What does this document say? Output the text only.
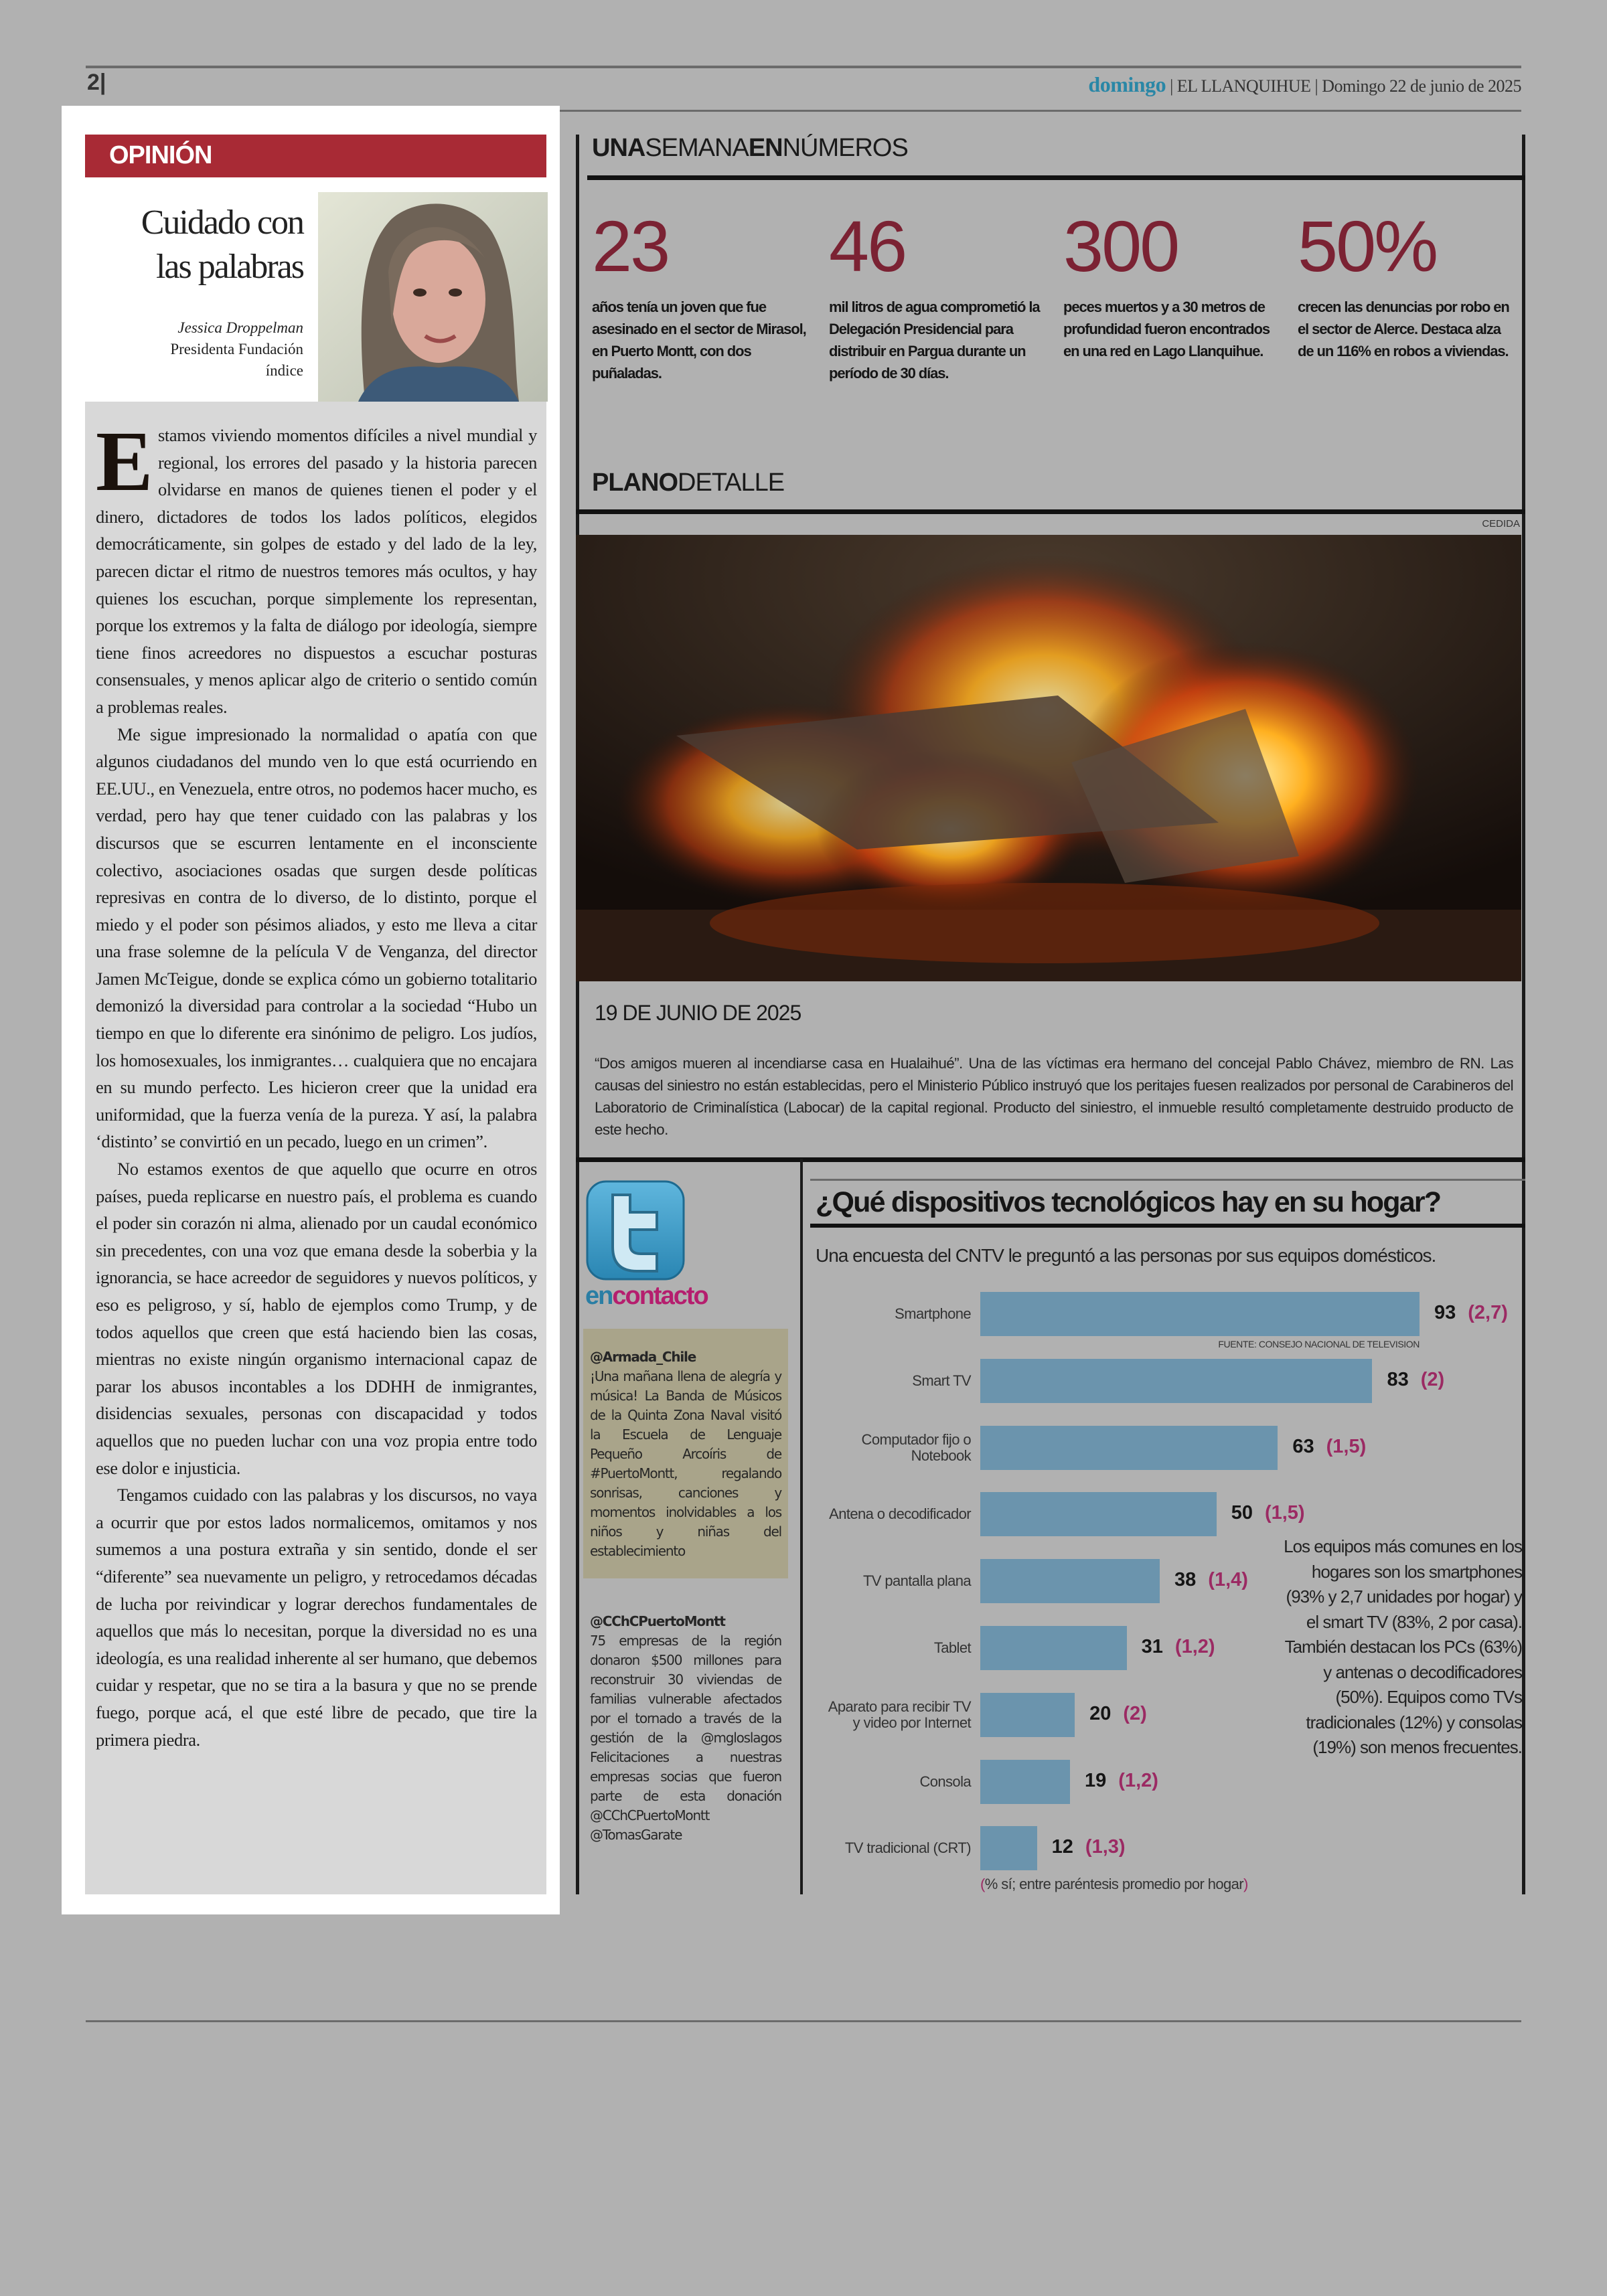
2|	domingo | EL LLANQUIHUE | Domingo 22 de junio de 2025
OPINIÓN
Cuidado con
las palabras
Jessica Droppelman
Presidenta Fundación
índice

Estamos viviendo momentos difíciles a nivel mundial y regional, los errores del pasado y la historia parecen olvidarse en manos de quienes tienen el poder y el dinero, dictadores de todos los lados políticos, elegidos democráticamente, sin golpes de estado y del lado de la ley, parecen dictar el ritmo de nuestros temores más ocultos, y hay quienes los escuchan, porque simplemente los representan, porque los extremos y la falta de diálogo por ideología, siempre tiene finos acreedores no dispuestos a escuchar posturas consensuales, y menos aplicar algo de criterio o sentido común a problemas reales.

Me sigue impresionado la normalidad o apatía con que algunos ciudadanos del mundo ven lo que está ocurriendo en EE.UU., en Venezuela, entre otros, no podemos hacer mucho, es verdad, pero hay que tener cuidado con las palabras y los discursos que se escurren lentamente en el inconsciente colectivo, asociaciones osadas que surgen desde políticas represivas en contra de lo diverso, de lo distinto, porque el miedo y el poder son pésimos aliados, y esto me lleva a citar una frase solemne de la película V de Venganza, del director Jamen McTeigue, donde se explica cómo un gobierno totalitario demonizó la diversidad para controlar a la sociedad “Hubo un tiempo en que lo diferente era sinónimo de peligro. Los judíos, los homosexuales, los inmigrantes… cualquiera que no encajara en su mundo perfecto. Les hicieron creer que la unidad era uniformidad, que la fuerza venía de la pureza. Y así, la palabra ‘distinto’ se convirtió en un pecado, luego en un crimen”.

No estamos exentos de que aquello que ocurre en otros países, pueda replicarse en nuestro país, el problema es cuando el poder sin corazón ni alma, alienado por un caudal económico sin precedentes, con una voz que emana desde la soberbia y la ignorancia, se hace acreedor de seguidores y nuevos políticos, y eso es peligroso, y sí, hablo de ejemplos como Trump, y de todos aquellos que creen que está haciendo bien las cosas, mientras no existe ningún organismo internacional capaz de parar los abusos incontables a los DDHH de inmigrantes, disidencias sexuales, personas con discapacidad y todos aquellos que no pueden luchar con una voz propia entre todo ese dolor e injusticia.

Tengamos cuidado con las palabras y los discursos, no vaya a ocurrir que por estos lados normalicemos, omitamos y nos sumemos a una postura extraña y sin sentido, donde el ser “diferente” sea nuevamente un peligro, y retrocedamos décadas de lucha por reivindicar y lograr derechos fundamentales de aquellos que más lo necesitan, porque la diversidad no es una ideología, es una realidad inherente al ser humano, que debemos cuidar y respetar, que no se tira a la basura y que no se prende fuego, porque acá, el que esté libre de pecado, que tire la primera piedra.

UNASEMANAENNÚMEROS
23
años tenía un joven que fue asesinado en el sector de Mirasol, en Puerto Montt, con dos puñaladas.
46
mil litros de agua comprometió la Delegación Presidencial para distribuir en Pargua durante un período de 30 días.
300
peces muertos y a 30 metros de profundidad fueron encontrados en una red en Lago Llanquihue.
50%
crecen las denuncias por robo en el sector de Alerce. Destaca alza de un 116% en robos a viviendas.
PLANODETALLE
CEDIDA
19 DE JUNIO DE 2025
“Dos amigos mueren al incendiarse casa en Hualaihué”. Una de las víctimas era hermano del concejal Pablo Chávez, miembro de RN. Las causas del siniestro no están establecidas, pero el Ministerio Público instruyó que los peritajes fuesen realizados por personal de Carabineros del Laboratorio de Criminalística (Labocar) de la capital regional. Producto del siniestro, el inmueble resultó completamente destruido producto de este hecho.
encontacto
@Armada_Chile
¡Una mañana llena de alegría y música! La Banda de Músicos de la Quinta Zona Naval visitó la Escuela de Lenguaje Pequeño Arcoíris de #PuertoMontt, regalando sonrisas, canciones y momentos inolvidables a los niños y niñas del establecimiento
@CChCPuertoMontt
75 empresas de la región donaron $500 millones para reconstruir 30 viviendas de familias vulnerable afectados por el tornado a través de la gestión de la @mgloslagos Felicitaciones a nuestras empresas socias que fueron parte de esta donación @CChCPuertoMontt @TomasGarate
¿Qué dispositivos tecnológicos hay en su hogar?
Una encuesta del CNTV le preguntó a las personas por sus equipos domésticos.
FUENTE: CONSEJO NACIONAL DE TELEVISION
Los equipos más comunes en los hogares son los smartphones (93% y 2,7 unidades por hogar) y el smart TV (83%, 2 por casa). También destacan los PCs (63%) y antenas o decodificadores (50%). Equipos como TVs tradicionales (12%) y consolas (19%) son menos frecuentes.
(% sí; entre paréntesis promedio por hogar)
Smartphone	93 (2,7)
Smart TV	83 (2)
Computador fijo o Notebook	63 (1,5)
Antena o decodificador	50 (1,5)
TV pantalla plana	38 (1,4)
Tablet	31 (1,2)
Aparato para recibir TV y video por Internet	20 (2)
Consola	19 (1,2)
TV tradicional (CRT)	12 (1,3)
